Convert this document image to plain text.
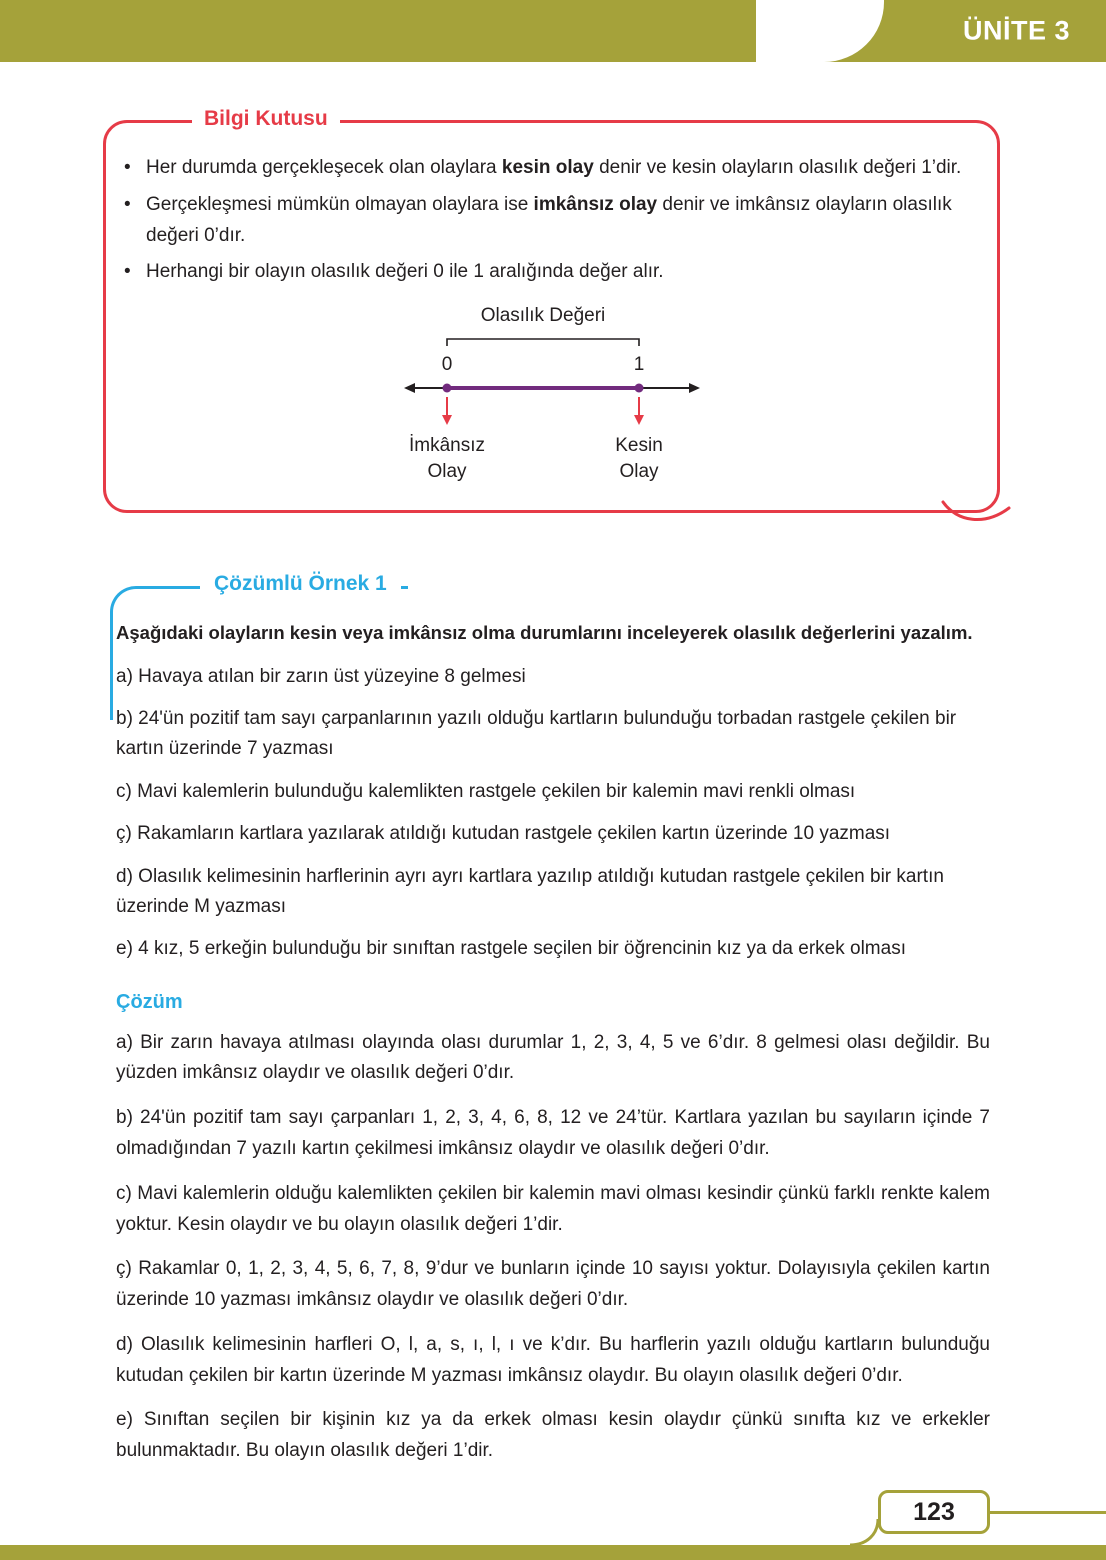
ÜNİTE 3
Bilgi Kutusu
• Her durumda gerçekleşecek olan olaylara kesin olay denir ve kesin olayların olasılık değeri 1’dir.

• Gerçekleşmesi mümkün olmayan olaylara ise imkânsız olay denir ve imkânsız olayların olasılık değeri 0’dır.

• Herhangi bir olayın olasılık değeri 0 ile 1 aralığında değer alır.

Olasılık Değeri
0	1
İmkânsız
Olay
Kesin
Olay
Çözümlü Örnek 1

Aşağıdaki olayların kesin veya imkânsız olma durumlarını inceleyerek olasılık değerlerini yazalım.

a) Havaya atılan bir zarın üst yüzeyine 8 gelmesi

b) 24'ün pozitif tam sayı çarpanlarının yazılı olduğu kartların bulunduğu torbadan rastgele çekilen bir kartın üzerinde 7 yazması

c) Mavi kalemlerin bulunduğu kalemlikten rastgele çekilen bir kalemin mavi renkli olması

ç) Rakamların kartlara yazılarak atıldığı kutudan rastgele çekilen kartın üzerinde 10 yazması

d) Olasılık kelimesinin harflerinin ayrı ayrı kartlara yazılıp atıldığı kutudan rastgele çekilen bir kartın üzerinde M yazması

e) 4 kız, 5 erkeğin bulunduğu bir sınıftan rastgele seçilen bir öğrencinin kız ya da erkek olması

Çözüm

a) Bir zarın havaya atılması olayında olası durumlar 1, 2, 3, 4, 5 ve 6’dır. 8 gelmesi olası değildir. Bu yüzden imkânsız olaydır ve olasılık değeri 0’dır.

b) 24'ün pozitif tam sayı çarpanları 1, 2, 3, 4, 6, 8, 12 ve 24’tür. Kartlara yazılan bu sayıların içinde 7 olmadığından 7 yazılı kartın çekilmesi imkânsız olaydır ve olasılık değeri 0’dır.

c) Mavi kalemlerin olduğu kalemlikten çekilen bir kalemin mavi olması kesindir çünkü farklı renkte kalem yoktur. Kesin olaydır ve bu olayın olasılık değeri 1’dir.

ç) Rakamlar 0, 1, 2, 3, 4, 5, 6, 7, 8, 9’dur ve bunların içinde 10 sayısı yoktur. Dolayısıyla çekilen kartın üzerinde 10 yazması imkânsız olaydır ve olasılık değeri 0’dır.

d) Olasılık kelimesinin harfleri O, l, a, s, ı, l, ı ve k’dır. Bu harflerin yazılı olduğu kartların bulunduğu kutudan çekilen bir kartın üzerinde M yazması imkânsız olaydır. Bu olayın olasılık değeri 0’dır.

e) Sınıftan seçilen bir kişinin kız ya da erkek olması kesin olaydır çünkü sınıfta kız ve erkekler bulunmaktadır. Bu olayın olasılık değeri 1’dir.

123
